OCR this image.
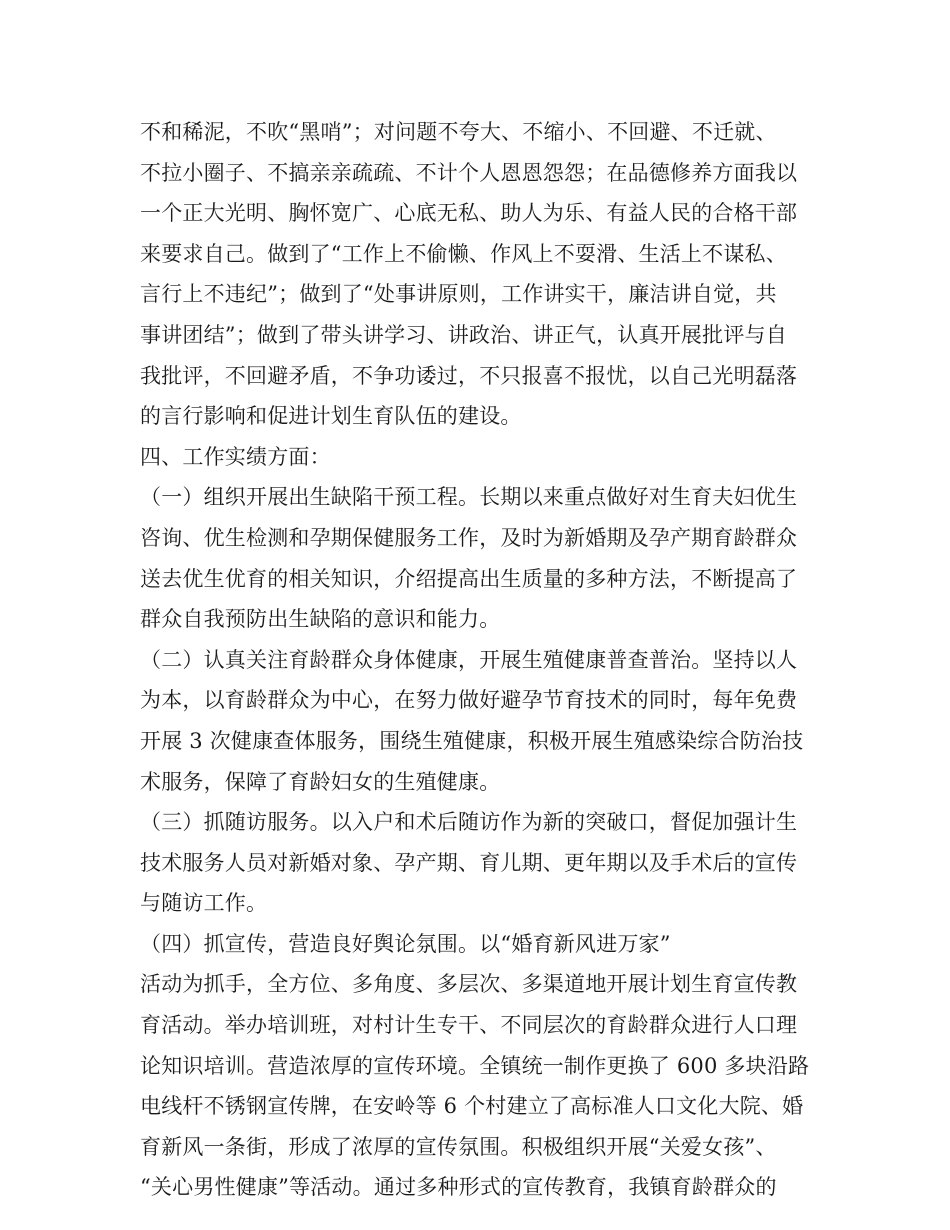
不和稀泥，不吹“黑哨”；对问题不夸大、不缩小、不回避、不迁就、
不拉小圈子、不搞亲亲疏疏、不计个人恩恩怨怨；在品德修养方面我以
一个正大光明、胸怀宽广、心底无私、助人为乐、有益人民的合格干部
来要求自己。做到了“工作上不偷懒、作风上不耍滑、生活上不谋私、
言行上不违纪”；做到了“处事讲原则，工作讲实干，廉洁讲自觉，共
事讲团结”；做到了带头讲学习、讲政治、讲正气，认真开展批评与自
我批评，不回避矛盾，不争功诿过，不只报喜不报忧，以自己光明磊落
的言行影响和促进计划生育队伍的建设。
四、工作实绩方面：
（一）组织开展出生缺陷干预工程。长期以来重点做好对生育夫妇优生
咨询、优生检测和孕期保健服务工作，及时为新婚期及孕产期育龄群众
送去优生优育的相关知识，介绍提高出生质量的多种方法，不断提高了
群众自我预防出生缺陷的意识和能力。
（二）认真关注育龄群众身体健康，开展生殖健康普查普治。坚持以人
为本，以育龄群众为中心，在努力做好避孕节育技术的同时，每年免费
开展 3 次健康查体服务，围绕生殖健康，积极开展生殖感染综合防治技
术服务，保障了育龄妇女的生殖健康。
（三）抓随访服务。以入户和术后随访作为新的突破口，督促加强计生
技术服务人员对新婚对象、孕产期、育儿期、更年期以及手术后的宣传
与随访工作。
（四）抓宣传，营造良好舆论氛围。以“婚育新风进万家”
活动为抓手，全方位、多角度、多层次、多渠道地开展计划生育宣传教
育活动。举办培训班，对村计生专干、不同层次的育龄群众进行人口理
论知识培训。营造浓厚的宣传环境。全镇统一制作更换了 600 多块沿路
电线杆不锈钢宣传牌，在安岭等 6 个村建立了高标准人口文化大院、婚
育新风一条街，形成了浓厚的宣传氛围。积极组织开展“关爱女孩”、
“关心男性健康”等活动。通过多种形式的宣传教育，我镇育龄群众的
